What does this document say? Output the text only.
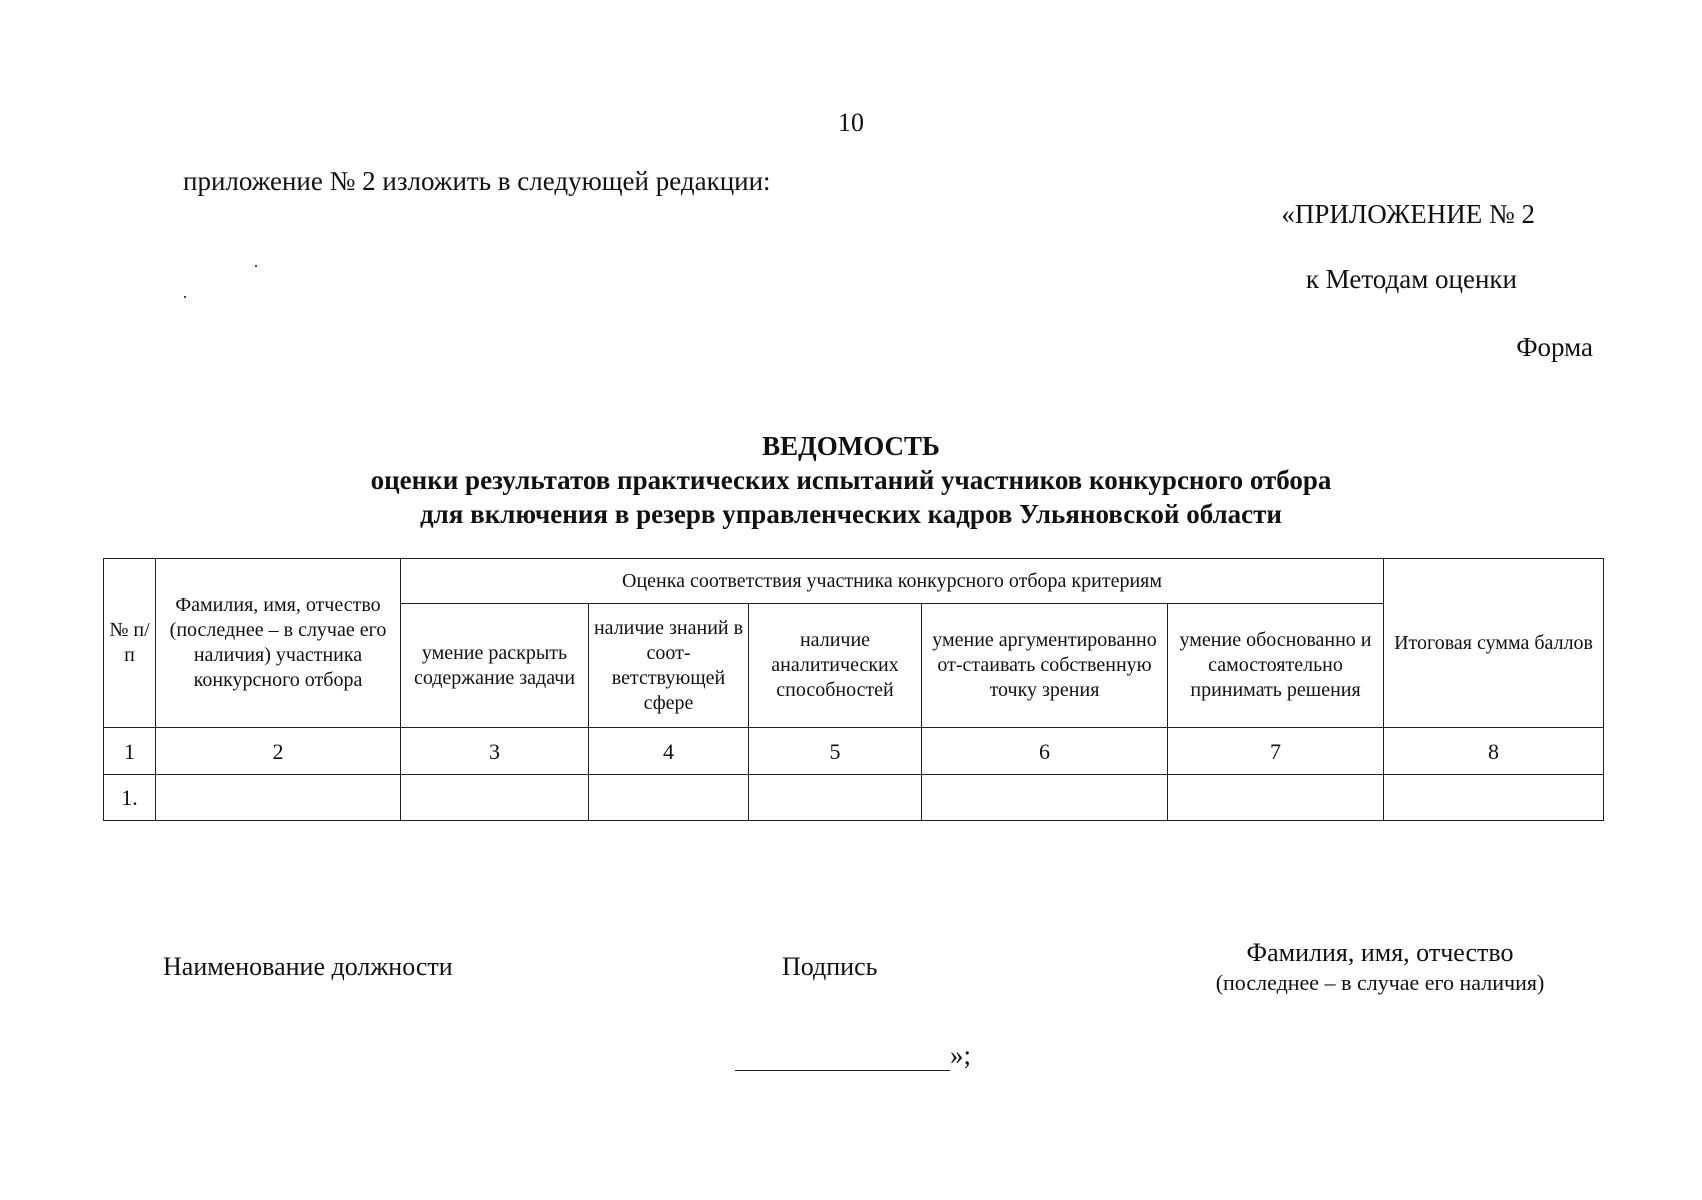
10
приложение № 2 изложить в следующей редакции:
«ПРИЛОЖЕНИЕ № 2
к Методам оценки
Форма
ВЕДОМОСТЬ
оценки результатов практических испытаний участников конкурсного отбора
для включения в резерв управленческих кадров Ульяновской области
№ п/п	Фамилия, имя, отчество (последнее – в случае его наличия) участника конкурсного отбора	Оценка соответствия участника конкурсного отбора критериям					Итоговая сумма баллов
		умение раскрыть содержание задачи	наличие знаний в соот-ветствующей сфере	наличие аналитических способностей	умение аргументированно от-стаивать собственную точку зрения	умение обоснованно и самостоятельно принимать решения	
1	2	3	4	5	6	7	8
1.							
Наименование должности	Подпись	Фамилия, имя, отчество
(последнее – в случае его наличия)
»;
